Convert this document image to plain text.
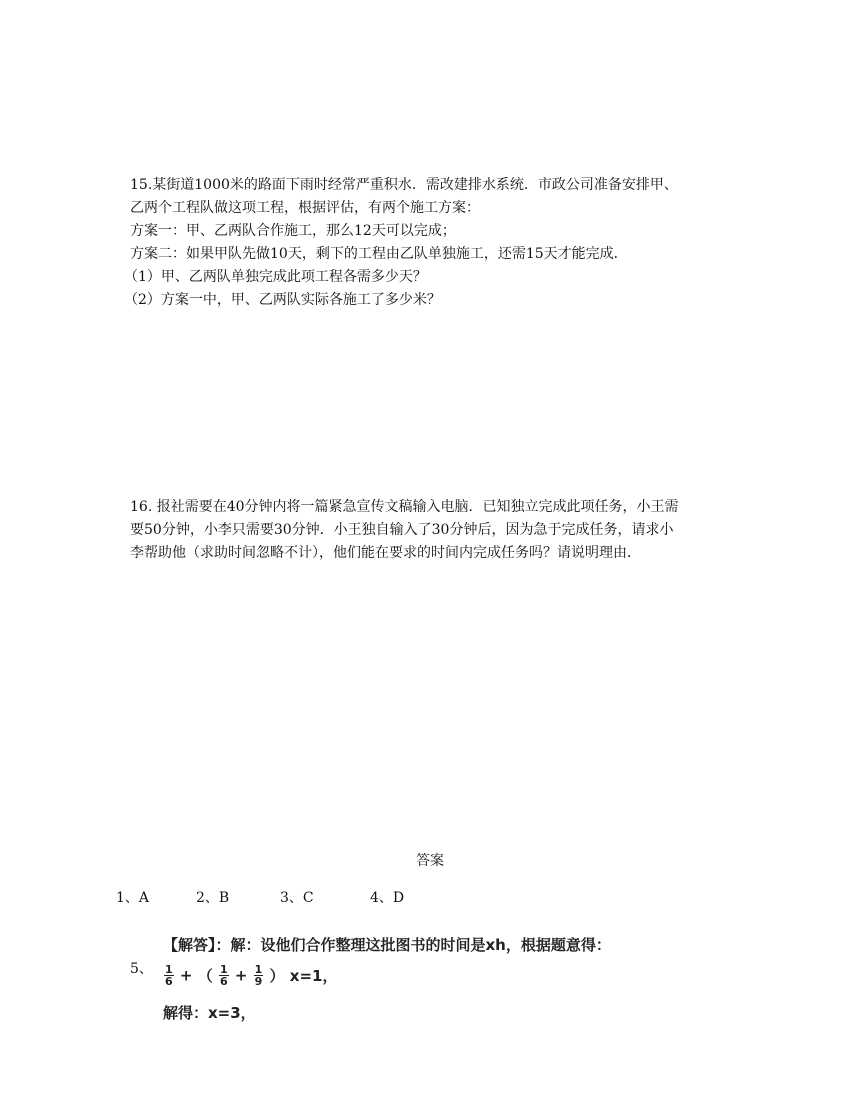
15.某街道1000米的路面下雨时经常严重积水．需改建排水系统．市政公司准备安排甲、
乙两个工程队做这项工程，根据评估，有两个施工方案：
方案一：甲、乙两队合作施工，那么12天可以完成；
方案二：如果甲队先做10天，剩下的工程由乙队单独施工，还需15天才能完成．
（1）甲、乙两队单独完成此项工程各需多少天？
（2）方案一中，甲、乙两队实际各施工了多少米？
16. 报社需要在40分钟内将一篇紧急宣传文稿输入电脑．已知独立完成此项任务，小王需
要50分钟，小李只需要30分钟．小王独自输入了30分钟后，因为急于完成任务，请求小
李帮助他（求助时间忽略不计），他们能在要求的时间内完成任务吗？请说明理由．
答案
1、A	2、B	3、C	4、D
5、
【解答】：解：设他们合作整理这批图书的时间是xh，根据题意得：
$\frac{1}{6}$ + （ $\frac{1}{6} + \frac{1}{9}$ ） x=1，
解得：x=3，
